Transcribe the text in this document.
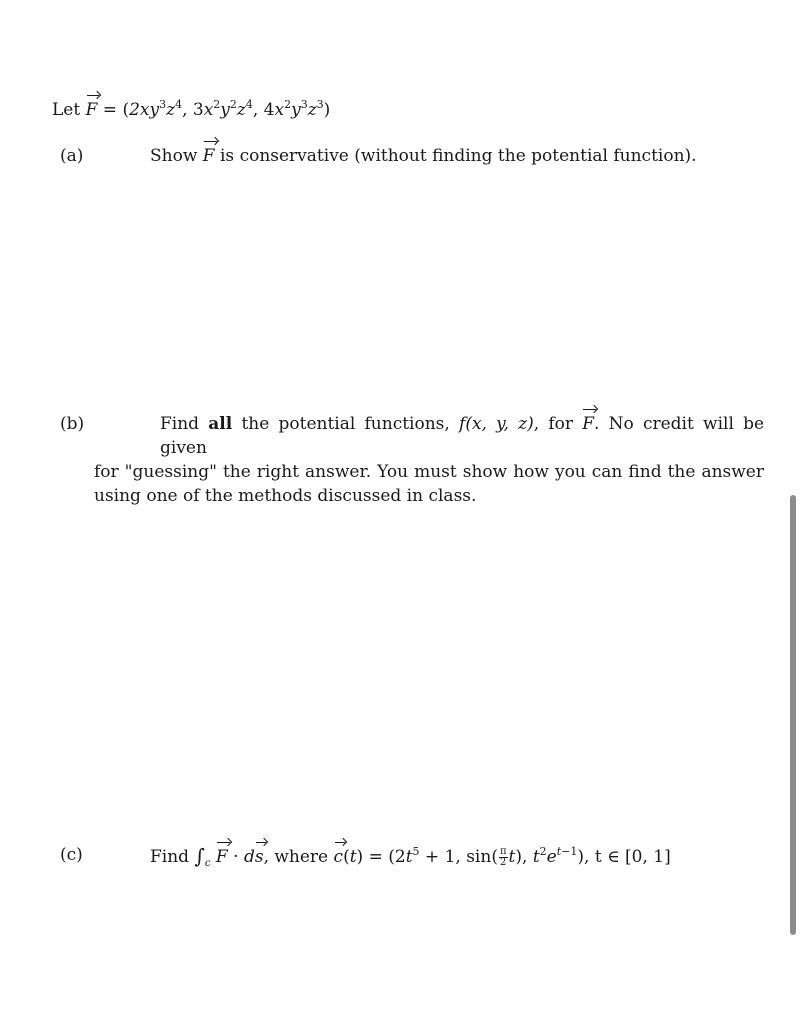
Let $F = (2xy^3z^4$, $3x^2y^2z^4$, $4x^2y^3z^3$)
(a)	Show F is conservative (without finding the potential function).
(b)	Find all the potential functions, f(x, y, z), for F. No credit will be given
for "guessing" the right answer. You must show how you can find the answer
using one of the methods discussed in class.
(c)	Find $\int_c$ F · ds, where $c(t) = (2t^5 + 1$, $\sin( \frac{\pi}{2} t)$, $t^2e^{t-1}$), t ∈ [0, 1]
